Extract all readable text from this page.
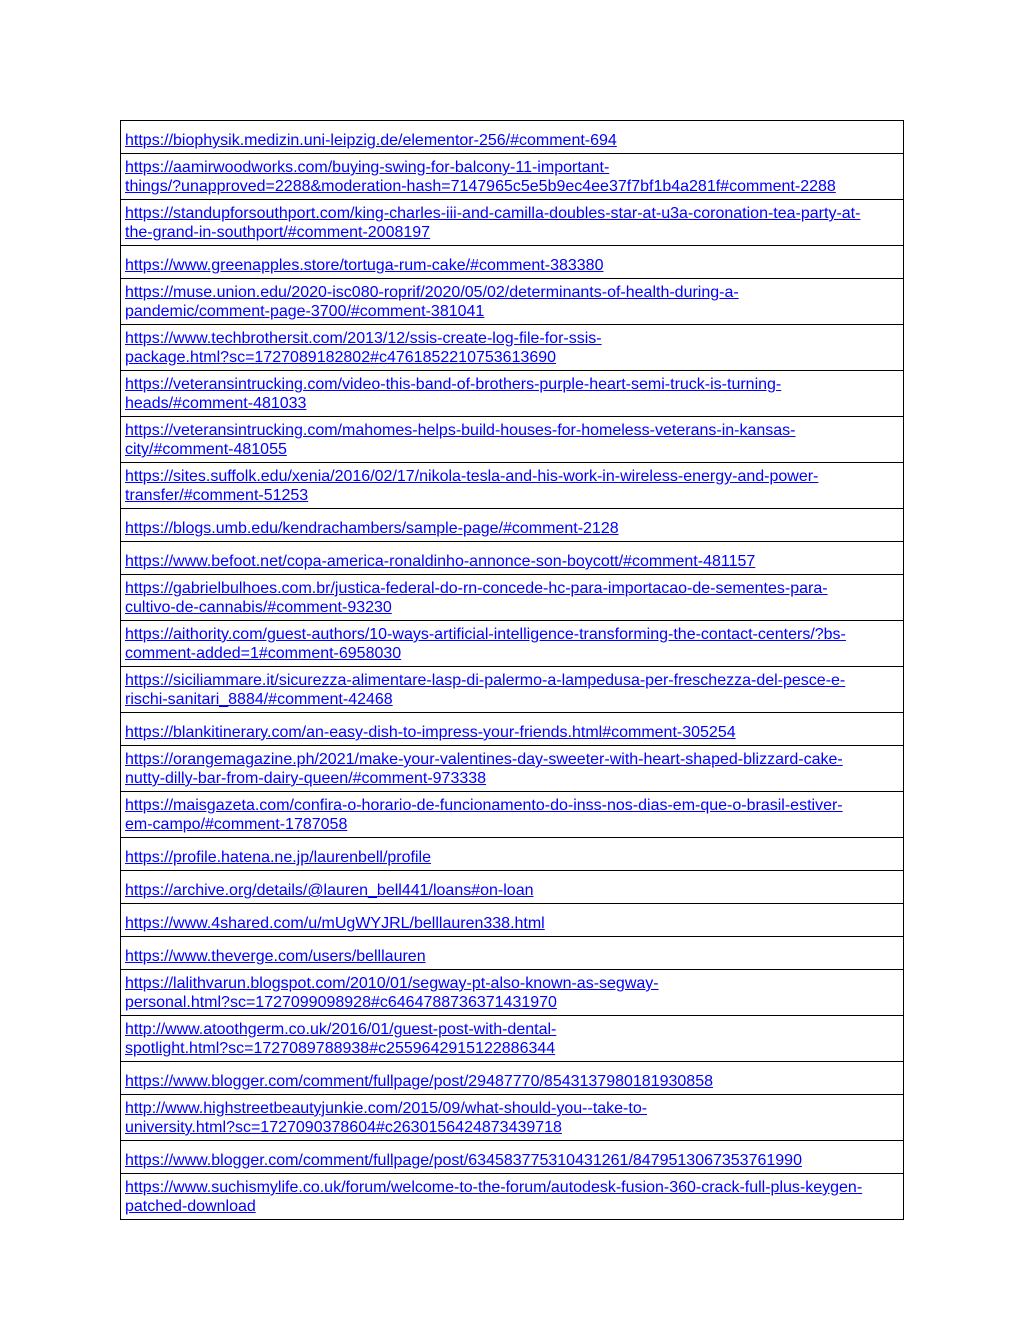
https://biophysik.medizin.uni-leipzig.de/elementor-256/#comment-694

https://aamirwoodworks.com/buying-swing-for-balcony-11-important-
things/?unapproved=2288&moderation-hash=7147965c5e5b9ec4ee37f7bf1b4a281f#comment-2288

https://standupforsouthport.com/king-charles-iii-and-camilla-doubles-star-at-u3a-coronation-tea-party-at-
the-grand-in-southport/#comment-2008197

https://www.greenapples.store/tortuga-rum-cake/#comment-383380

https://muse.union.edu/2020-isc080-roprif/2020/05/02/determinants-of-health-during-a-
pandemic/comment-page-3700/#comment-381041

https://www.techbrothersit.com/2013/12/ssis-create-log-file-for-ssis-
package.html?sc=1727089182802#c4761852210753613690

https://veteransintrucking.com/video-this-band-of-brothers-purple-heart-semi-truck-is-turning-
heads/#comment-481033

https://veteransintrucking.com/mahomes-helps-build-houses-for-homeless-veterans-in-kansas-
city/#comment-481055

https://sites.suffolk.edu/xenia/2016/02/17/nikola-tesla-and-his-work-in-wireless-energy-and-power-
transfer/#comment-51253

https://blogs.umb.edu/kendrachambers/sample-page/#comment-2128

https://www.befoot.net/copa-america-ronaldinho-annonce-son-boycott/#comment-481157

https://gabrielbulhoes.com.br/justica-federal-do-rn-concede-hc-para-importacao-de-sementes-para-
cultivo-de-cannabis/#comment-93230

https://aithority.com/guest-authors/10-ways-artificial-intelligence-transforming-the-contact-centers/?bs-
comment-added=1#comment-6958030

https://siciliammare.it/sicurezza-alimentare-lasp-di-palermo-a-lampedusa-per-freschezza-del-pesce-e-
rischi-sanitari_8884/#comment-42468

https://blankitinerary.com/an-easy-dish-to-impress-your-friends.html#comment-305254

https://orangemagazine.ph/2021/make-your-valentines-day-sweeter-with-heart-shaped-blizzard-cake-
nutty-dilly-bar-from-dairy-queen/#comment-973338

https://maisgazeta.com/confira-o-horario-de-funcionamento-do-inss-nos-dias-em-que-o-brasil-estiver-
em-campo/#comment-1787058

https://profile.hatena.ne.jp/laurenbell/profile

https://archive.org/details/@lauren_bell441/loans#on-loan

https://www.4shared.com/u/mUgWYJRL/belllauren338.html

https://www.theverge.com/users/belllauren

https://lalithvarun.blogspot.com/2010/01/segway-pt-also-known-as-segway-
personal.html?sc=1727099098928#c6464788736371431970

http://www.atoothgerm.co.uk/2016/01/guest-post-with-dental-
spotlight.html?sc=1727089788938#c2559642915122886344

https://www.blogger.com/comment/fullpage/post/29487770/8543137980181930858

http://www.highstreetbeautyjunkie.com/2015/09/what-should-you--take-to-
university.html?sc=1727090378604#c2630156424873439718

https://www.blogger.com/comment/fullpage/post/634583775310431261/8479513067353761990

https://www.suchismylife.co.uk/forum/welcome-to-the-forum/autodesk-fusion-360-crack-full-plus-keygen-
patched-download
